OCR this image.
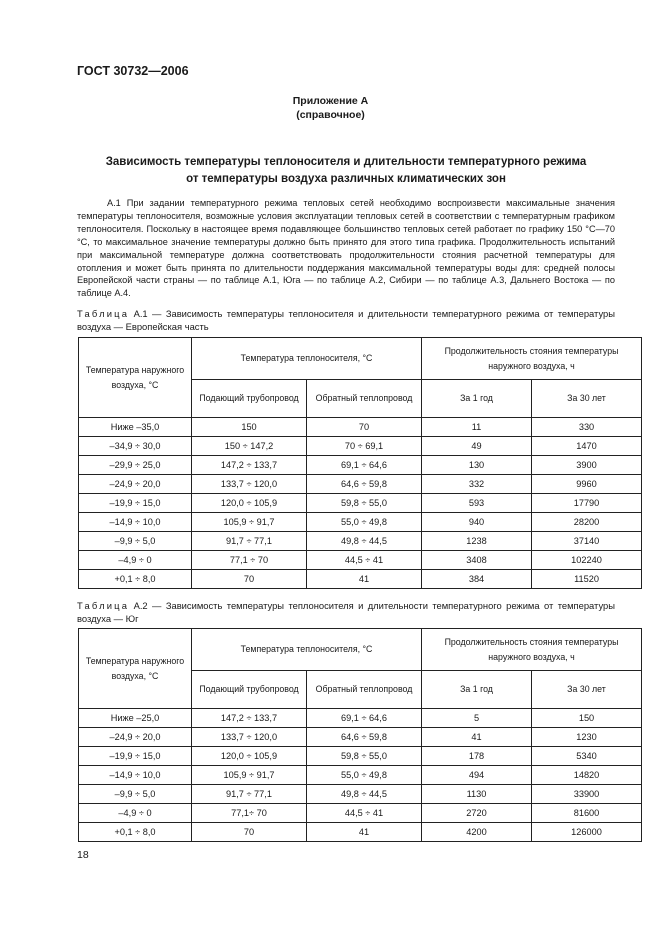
ГОСТ 30732—2006
Приложение А
(справочное)
Зависимость температуры теплоносителя и длительности температурного режима
от температуры воздуха различных климатических зон

А.1 При задании температурного режима тепловых сетей необходимо воспроизвести максимальные значения температуры теплоносителя, возможные условия эксплуатации тепловых сетей в соответствии с температурным графиком теплоносителя. Поскольку в настоящее время подавляющее большинство тепловых сетей работает по графику 150 °С—70 °С, то максимальное значение температуры должно быть принято для этого типа графика. Продолжительность испытаний при максимальной температуре должна соответствовать продолжительности стояния расчетной температуры для отопления и может быть принята по длительности поддержания максимальной температуры воды для: средней полосы Европейской части страны — по таблице А.1, Юга — по таблице А.2, Сибири — по таблице А.3, Дальнего Востока — по таблице А.4.

Таблица А.1 — Зависимость температуры теплоносителя и длительности температурного режима от температуры воздуха — Европейская часть

Температура наружного воздуха, °С	Температура теплоносителя, °С		Продолжительность стояния температуры наружного воздуха, ч	
	Подающий трубопровод	Обратный теплопровод	За 1 год	За 30 лет
Ниже –35,0	150	70	11	330
–34,9 ÷ 30,0	150 ÷ 147,2	70 ÷ 69,1	49	1470
–29,9 ÷ 25,0	147,2 ÷ 133,7	69,1 ÷ 64,6	130	3900
–24,9 ÷ 20,0	133,7 ÷ 120,0	64,6 ÷ 59,8	332	9960
–19,9 ÷ 15,0	120,0 ÷ 105,9	59,8 ÷ 55,0	593	17790
–14,9 ÷ 10,0	105,9 ÷ 91,7	55,0 ÷ 49,8	940	28200
–9,9 ÷ 5,0	91,7 ÷ 77,1	49,8 ÷ 44,5	1238	37140
–4,9 ÷ 0	77,1 ÷ 70	44,5 ÷ 41	3408	102240
+0,1 ÷ 8,0	70	41	384	11520

Таблица А.2 — Зависимость температуры теплоносителя и длительности температурного режима от температуры воздуха — Юг

Температура наружного воздуха, °С	Температура теплоносителя, °С		Продолжительность стояния температуры наружного воздуха, ч	
	Подающий трубопровод	Обратный теплопровод	За 1 год	За 30 лет
Ниже –25,0	147,2 ÷ 133,7	69,1 ÷ 64,6	5	150
–24,9 ÷ 20,0	133,7 ÷ 120,0	64,6 ÷ 59,8	41	1230
–19,9 ÷ 15,0	120,0 ÷ 105,9	59,8 ÷ 55,0	178	5340
–14,9 ÷ 10,0	105,9 ÷ 91,7	55,0 ÷ 49,8	494	14820
–9,9 ÷ 5,0	91,7 ÷ 77,1	49,8 ÷ 44,5	1130	33900
–4,9 ÷ 0	77,1÷ 70	44,5 ÷ 41	2720	81600
+0,1 ÷ 8,0	70	41	4200	126000
18
